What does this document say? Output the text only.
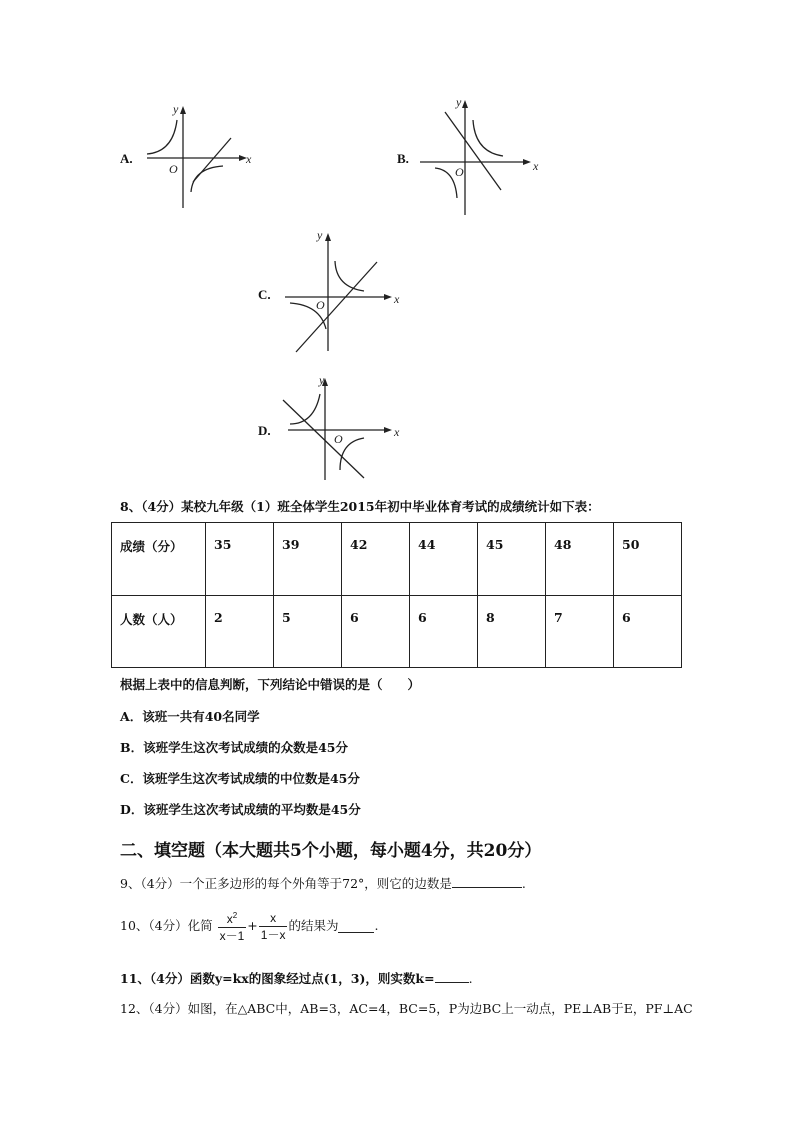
A.	x
y
O
B.	x
y
O
C.	x
y
O
D.	x
y
O
8、（4分）某校九年级（1）班全体学生2015年初中毕业体育考试的成绩统计如下表：
成绩（分）	35	39	42	44	45	48	50
人数（人）	2	5	6	6	8	7	6
根据上表中的信息判断，下列结论中错误的是（　　）
A．该班一共有40名同学
B．该班学生这次考试成绩的众数是45分
C．该班学生这次考试成绩的中位数是45分
D．该班学生这次考试成绩的平均数是45分
二、填空题（本大题共5个小题，每小题4分，共20分）
9、（4分）一个正多边形的每个外角等于72°，则它的边数是	.
10、（4分）化简 $\frac{x^2}{x-1} + \frac{x}{1-x}$ 的结果为	.
11、（4分）函数y=kx的图象经过点(1，3)，则实数k=	.
12、（4分）如图，在△ABC中，AB=3，AC=4，BC=5，P为边BC上一动点，PE⊥AB于E，PF⊥AC
